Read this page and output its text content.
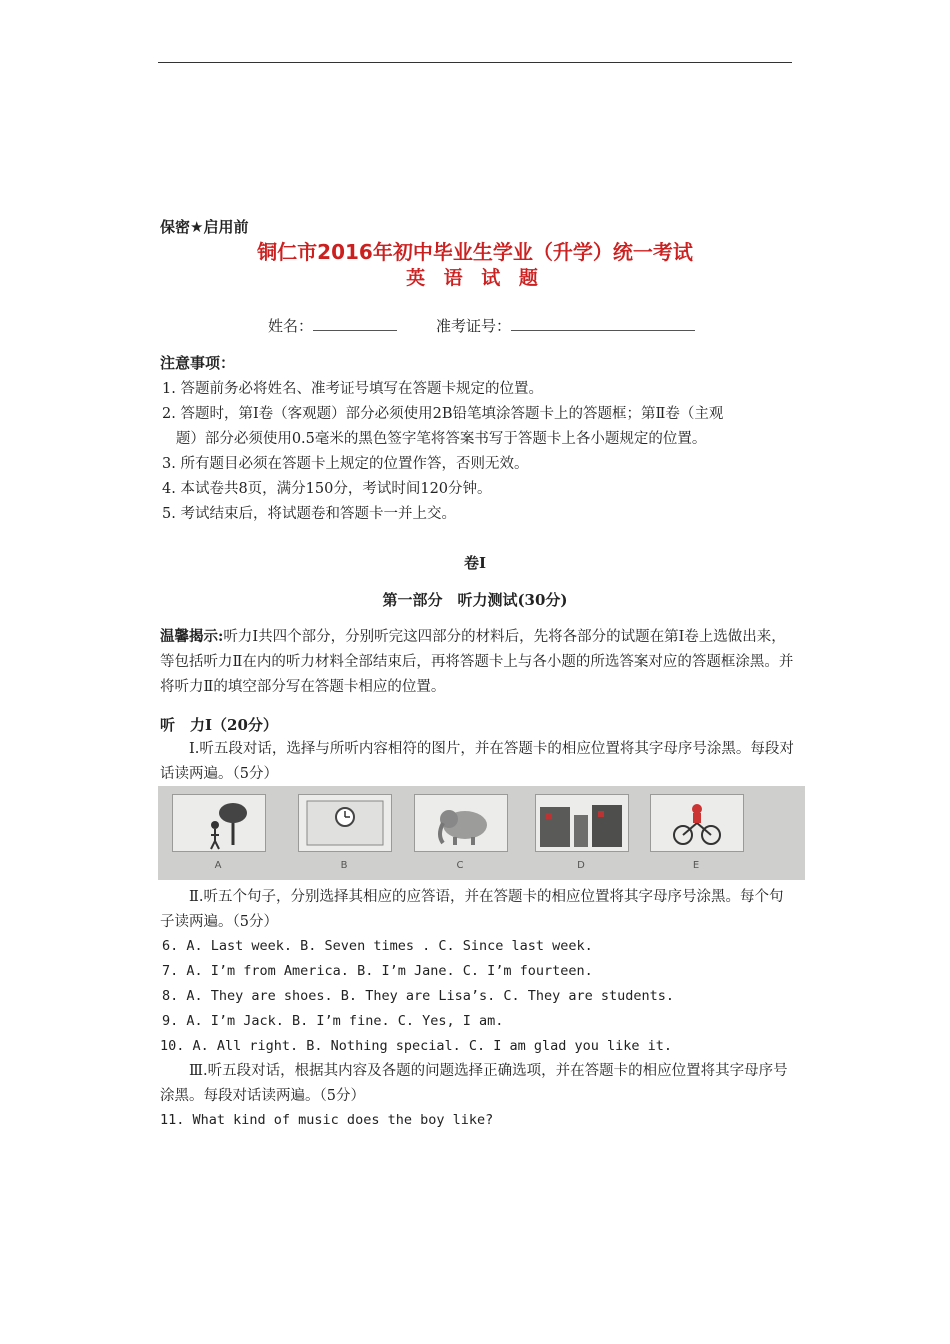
保密★启用前
铜仁市2016年初中毕业生学业（升学）统一考试
英 语 试 题
姓名：	准考证号：
注意事项：
1. 答题前务必将姓名、准考证号填写在答题卡规定的位置。
2. 答题时，第Ⅰ卷（客观题）部分必须使用2B铅笔填涂答题卡上的答题框；第Ⅱ卷（主观
题）部分必须使用0.5毫米的黑色签字笔将答案书写于答题卡上各小题规定的位置。
3. 所有题目必须在答题卡上规定的位置作答，否则无效。
4. 本试卷共8页，满分150分，考试时间120分钟。
5. 考试结束后，将试题卷和答题卡一并上交。
卷Ⅰ
第一部分　听力测试(30分)
温馨揭示:听力Ⅰ共四个部分，分别听完这四部分的材料后，先将各部分的试题在第Ⅰ卷上选做出来，等包括听力Ⅱ在内的听力材料全部结束后，再将答题卡上与各小题的所选答案对应的答题框涂黑。并将听力Ⅱ的填空部分写在答题卡相应的位置。
听　力Ⅰ（20分）
　　Ⅰ.听五段对话，选择与所听内容相符的图片，并在答题卡的相应位置将其字母序号涂黑。每段对话读两遍。（5分）
A	B	C	D	E
　　Ⅱ.听五个句子，分别选择其相应的应答语，并在答题卡的相应位置将其字母序号涂黑。每个句子读两遍。（5分）
6. A. Last week. B. Seven times . C. Since last week.
7. A. I’m from America. B. I’m Jane. C. I’m fourteen.
8. A. They are shoes. B. They are Lisa’s. C. They are students.
9. A. I’m Jack. B. I’m fine. C. Yes, I am.
10. A. All right. B. Nothing special. C. I am glad you like it.
　　Ⅲ.听五段对话，根据其内容及各题的问题选择正确选项，并在答题卡的相应位置将其字母序号涂黑。每段对话读两遍。（5分）
11. What kind of music does the boy like?
